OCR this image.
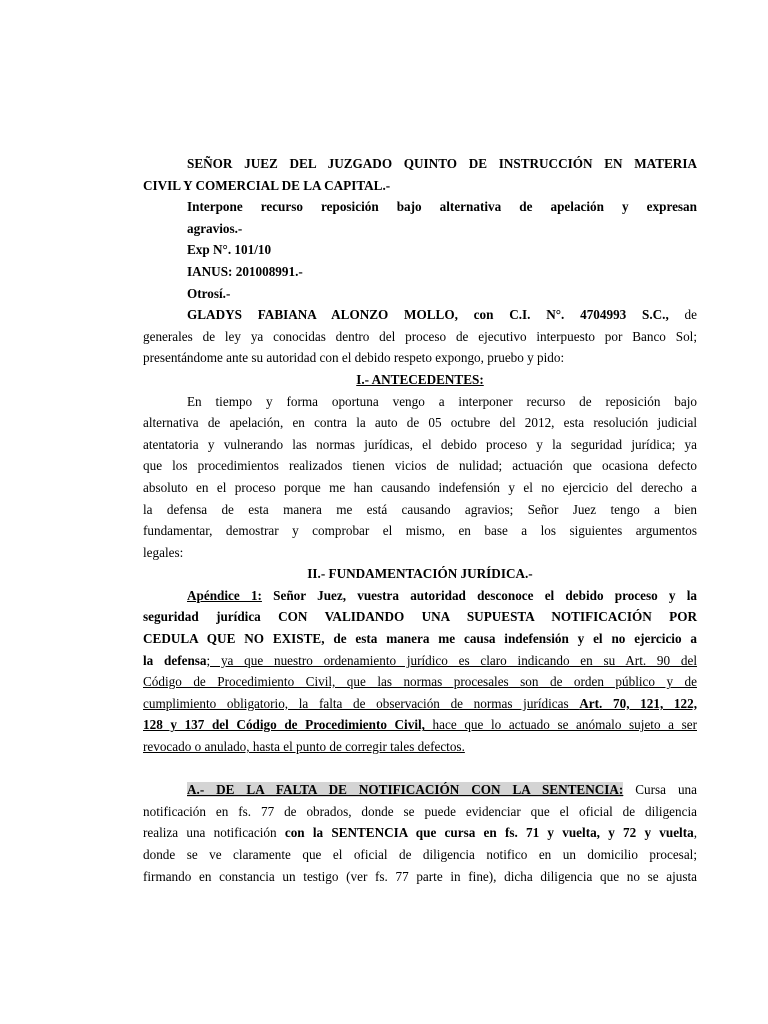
SEÑOR JUEZ DEL JUZGADO QUINTO DE INSTRUCCIÓN EN MATERIA
CIVIL Y COMERCIAL DE LA CAPITAL.-
Interpone recurso reposición bajo alternativa de apelación y expresan
agravios.-
Exp N°. 101/10
IANUS: 201008991.-
Otrosí.-
GLADYS FABIANA ALONZO MOLLO, con C.I. N°. 4704993 S.C., de
generales de ley ya conocidas dentro del proceso de ejecutivo interpuesto por Banco Sol;
presentándome ante su autoridad con el debido respeto expongo, pruebo y pido:
I.- ANTECEDENTES:
En tiempo y forma oportuna vengo a interponer recurso de reposición bajo
alternativa de apelación, en contra la auto de 05 octubre del 2012, esta resolución judicial
atentatoria y vulnerando las normas jurídicas, el debido proceso y la seguridad jurídica; ya
que los procedimientos realizados tienen vicios de nulidad; actuación que ocasiona defecto
absoluto en el proceso porque me han causando indefensión y el no ejercicio del derecho a
la defensa de esta manera me está causando agravios; Señor Juez tengo a bien
fundamentar, demostrar y comprobar el mismo, en base a los siguientes argumentos
legales:
II.- FUNDAMENTACIÓN JURÍDICA.-
Apéndice 1: Señor Juez, vuestra autoridad desconoce el debido proceso y la
seguridad jurídica CON VALIDANDO UNA SUPUESTA NOTIFICACIÓN POR
CEDULA QUE NO EXISTE, de esta manera me causa indefensión y el no ejercicio a
la defensa; ya que nuestro ordenamiento jurídico es claro indicando en su Art. 90 del
Código de Procedimiento Civil, que las normas procesales son de orden público y de
cumplimiento obligatorio, la falta de observación de normas jurídicas Art. 70, 121, 122,
128 y 137 del Código de Procedimiento Civil, hace que lo actuado se anómalo sujeto a ser
revocado o anulado, hasta el punto de corregir tales defectos.
A.- DE LA FALTA DE NOTIFICACIÓN CON LA SENTENCIA: Cursa una
notificación en fs. 77 de obrados, donde se puede evidenciar que el oficial de diligencia
realiza una notificación con la SENTENCIA que cursa en fs. 71 y vuelta, y 72 y vuelta,
donde se ve claramente que el oficial de diligencia notifico en un domicilio procesal;
firmando en constancia un testigo (ver fs. 77 parte in fine), dicha diligencia que no se ajusta
